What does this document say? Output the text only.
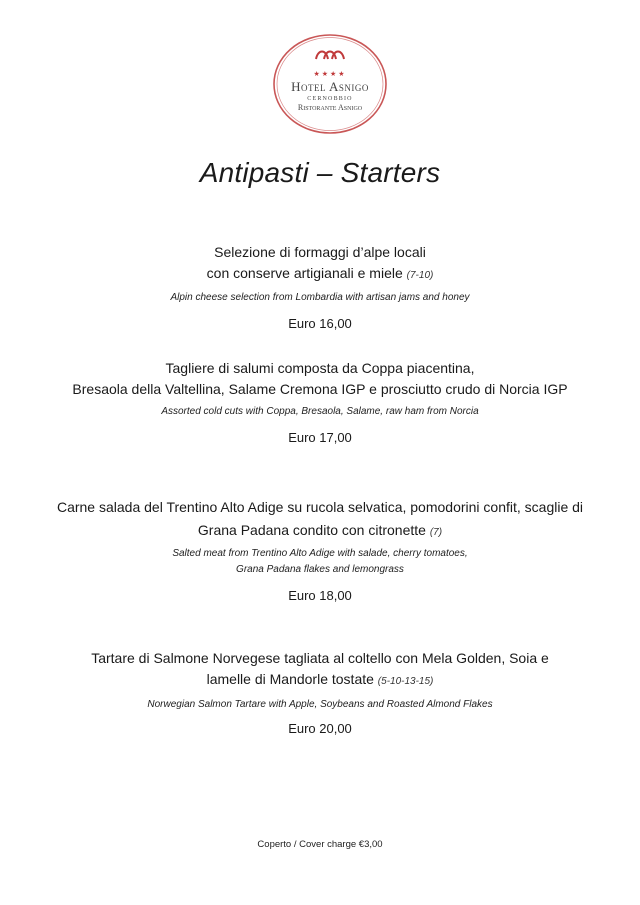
★★★★
Hotel Asnigo
CERNOBBIO
Ristorante Asnigo
Antipasti – Starters
Selezione di formaggi d’alpe locali
con conserve artigianali e miele (7-10)
Alpin cheese selection from Lombardia with artisan jams and honey
Euro 16,00
Tagliere di salumi composta da Coppa piacentina,
Bresaola della Valtellina, Salame Cremona IGP e prosciutto crudo di Norcia IGP
Assorted cold cuts with Coppa, Bresaola, Salame, raw ham from Norcia
Euro 17,00
Carne salada del Trentino Alto Adige su rucola selvatica, pomodorini confit, scaglie di
Grana Padana condito con citronette (7)
Salted meat from Trentino Alto Adige with salade, cherry tomatoes,
Grana Padana flakes and lemongrass
Euro 18,00
Tartare di Salmone Norvegese tagliata al coltello con Mela Golden, Soia e
lamelle di Mandorle tostate (5-10-13-15)
Norwegian Salmon Tartare with Apple, Soybeans and Roasted Almond Flakes
Euro 20,00
Coperto / Cover charge €3,00
